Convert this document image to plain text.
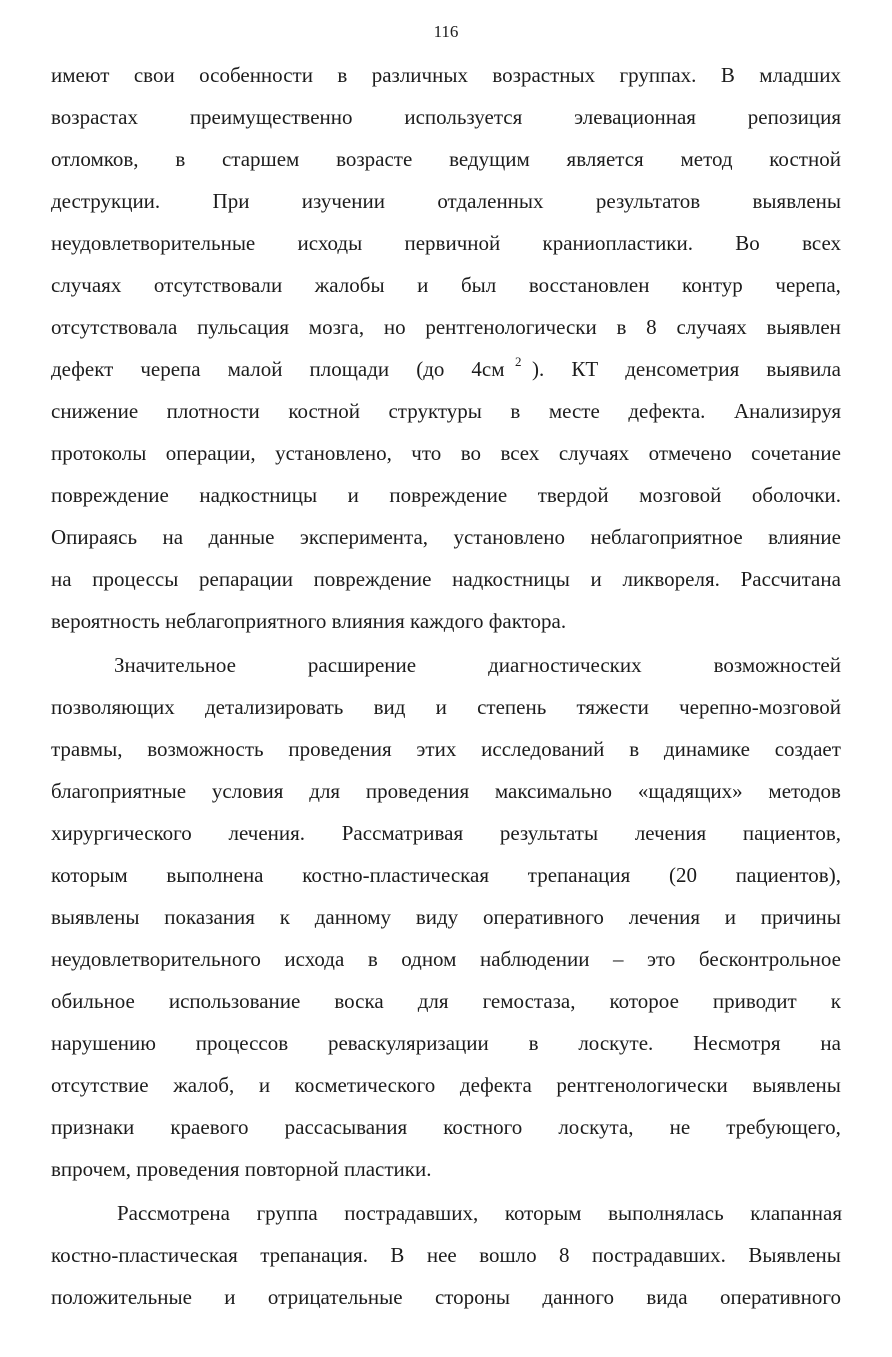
116
имеют свои особенности в различных возрастных группах. В младших
возрастах преимущественно используется элевационная репозиция
отломков, в старшем возрасте ведущим является метод костной
деструкции. При изучении отдаленных результатов выявлены
неудовлетворительные исходы первичной краниопластики. Во всех
случаях отсутствовали жалобы и был восстановлен контур черепа,
отсутствовала пульсация мозга, но рентгенологически в 8 случаях выявлен
дефект черепа малой площади (до 4см $^2$ ). КТ денсометрия выявила
снижение плотности костной структуры в месте дефекта. Анализируя
протоколы операции, установлено, что во всех случаях отмечено сочетание
повреждение надкостницы и повреждение твердой мозговой оболочки.
Опираясь на данные эксперимента, установлено неблагоприятное влияние
на процессы репарации повреждение надкостницы и ликвореля. Рассчитана
вероятность неблагоприятного влияния каждого фактора.
Значительное	расширение	диагностических	возможностей
позволяющих детализировать вид и степень тяжести черепно-мозговой
травмы, возможность проведения этих исследований в динамике создает
благоприятные условия для проведения максимально «щадящих» методов
хирургического лечения. Рассматривая результаты лечения пациентов,
которым выполнена костно-пластическая трепанация (20 пациентов),
выявлены показания к данному виду оперативного лечения и причины
неудовлетворительного исхода в одном наблюдении – это бесконтрольное
обильное использование воска для гемостаза, которое приводит к
нарушению процессов реваскуляризации в лоскуте. Несмотря на
отсутствие жалоб, и косметического дефекта рентгенологически выявлены
признаки краевого рассасывания костного лоскута, не требующего,
впрочем, проведения повторной пластики.
Рассмотрена группа пострадавших, которым выполнялась клапанная
костно-пластическая трепанация. В нее вошло 8 пострадавших. Выявлены
положительные и отрицательные стороны данного вида оперативного
